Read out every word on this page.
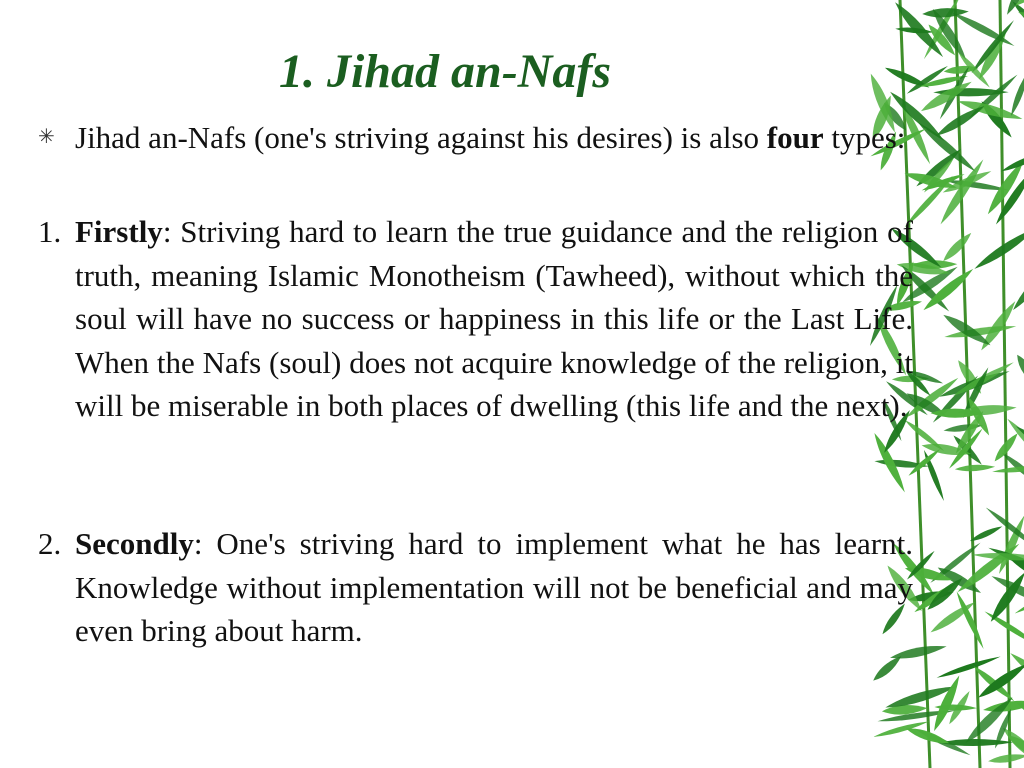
1. Jihad an-Nafs

✳ Jihad an-Nafs (one's striving against his desires) is also four types:

1. Firstly: Striving hard to learn the true guidance and the religion of truth, meaning Islamic Monotheism (Tawheed), without which the soul will have no success or happiness in this life or the Last Life. When the Nafs (soul) does not acquire knowledge of the religion, it will be miserable in both places of dwelling (this life and the next).

2. Secondly: One's striving hard to implement what he has learnt. Knowledge without implementation will not be beneficial and may even bring about harm.
